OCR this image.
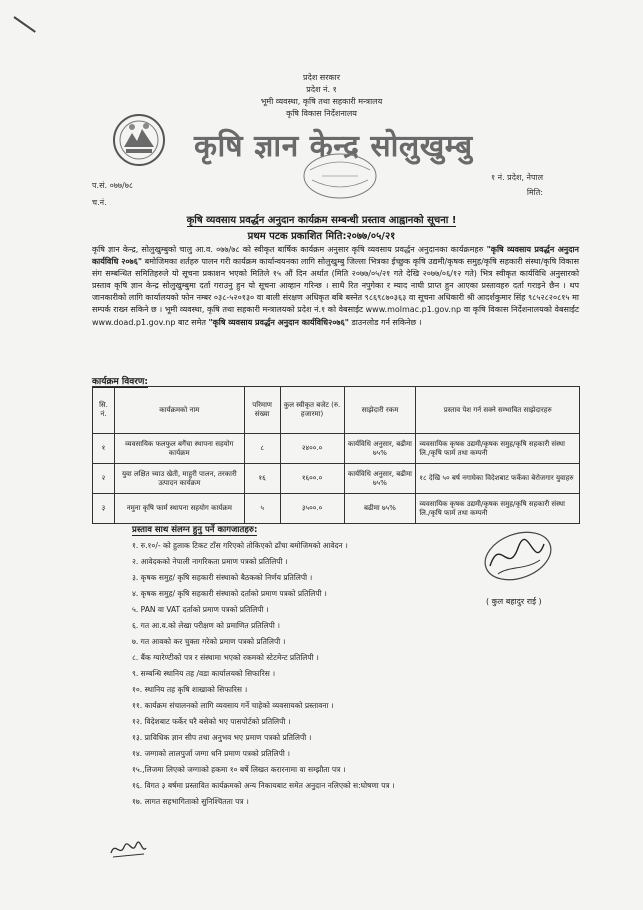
प्रदेश सरकार
प्रदेश नं. १
भूमी व्यवस्था, कृषि तथा सहकारी मन्त्रालय
कृषि विकास निर्देशनालय
कृषि ज्ञान केन्द्र सोलुखुम्बु
प.सं. ०७७/७८
च.नं.
१ नं. प्रदेश, नेपाल
मिति:
कृषि व्यवसाय प्रवर्द्धन अनुदान कार्यक्रम सम्बन्धी प्रस्ताव आह्वानको सूचना !
प्रथम पटक प्रकाशित मिति:२०७७/०५/२१
कृषि ज्ञान केन्द्र, सोलुखुम्बुको चालु आ.व. ०७७/७८ को स्वीकृत बार्षिक कार्यक्रम अनुसार कृषि व्यवसाय प्रवर्द्धन अनुदानका कार्यक्रमहरु "कृषि व्यवसाय प्रवर्द्धन अनुदान कार्यविधि २०७६" बमोजिमका शर्तहरु पालन गरी कार्यक्रम कार्यान्वयनका लागि सोलुखुम्बु जिल्ला भित्रका ईच्छुक कृषि उद्यमी/कृषक समुह/कृषि सहकारी संस्था/कृषि विकास संग सम्बन्धित समितिहरुले यो सूचना प्रकाशन भएको मितिले १५ औं दिन अर्थात (मिति २०७७/०५/२१ गते देखि २०७७/०६/१२ गते) भित्र स्वीकृत कार्यविधि अनुसारको प्रस्ताव कृषि ज्ञान केन्द्र सोलुखुम्बुमा दर्ता गराउनु हुन यो सूचना आव्हान गरिन्छ । साथै रित नपुगेका र म्याद नाघी प्राप्त हुन आएका प्रस्तावहरु दर्ता गराइने छैन । थप जानकारीको लागि कार्यालयको फोन नम्बर ०३८-५२०१३० वा बाली संरक्षण अधिकृत बबि बस्नेत ९८६९८७०३६३ वा सूचना अधिकारी श्री आदर्शकुमार सिंह ९८५२८२०८१५ मा सम्पर्क राख्न सकिने छ । भूमी व्यवस्था, कृषि तथा सहकारी मन्त्रालयको प्रदेश नं.१ को वेबसाईट www.molmac.p1.gov.np वा कृषि विकास निर्देशनालयको वेबसाईट www.doad.p1.gov.np बाट समेत "कृषि व्यवसाय प्रवर्द्धन अनुदान कार्यविधि२०७६" डाउनलोड गर्न सकिनेछ ।
कार्यक्रम विवरण:
सि. नं.	कार्यक्रमको नाम	परिमाण संख्या	कुल स्वीकृत बजेट (रु. हजारमा)	साझेदारी रकम	प्रस्ताव पेश गर्न सक्ने सम्भावित साझेदारहरु
१	व्यवसायिक फलफुल बगैंचा स्थापना सहयोग कार्यक्रम	८	२४००.०	कार्यविधि अनुसार, बढीमा ७५%	व्यवसायिक कृषक उद्यमी/कृषक समुह/कृषि सहकारी संस्था लि./कृषि फार्म तथा कम्पनी
२	युवा लक्षित च्याउ खेती, माहुरी पालन, तरकारी उत्पादन कार्यक्रम	१६	१६००.०	कार्यविधि अनुसार, बढीमा ७५%	१८ देखि ५० बर्ष नगाघेका विदेशबाट फर्केका बेरोजगार युवाहरु
३	नमुना कृषि फार्म स्थापना सहयोग कार्यक्रम	५	३५००.०	बढीमा ७५%	व्यवसायिक कृषक उद्यमी/कृषक समुह/कृषि सहकारी संस्था लि./कृषि फार्म तथा कम्पनी
प्रस्ताव साथ संलग्न हुनु पर्ने कागजातहरु:
१. रु.१०/- को हुलाक टिकट टाँस गरिएको तोकिएको ढाँचा बमोजिमको आवेदन ।
२. आवेदकको नेपाली नागरिकता प्रमाण पत्रको प्रतिलिपी ।
३. कृषक समुह/ कृषि सहकारी संस्थाको बैठकको निर्णय प्रतिलिपी ।
४. कृषक समुह/ कृषि सहकारी संस्थाको दर्ताको प्रमाण पत्रको प्रतिलिपी ।
५. PAN वा VAT दर्ताको प्रमाण पत्रको प्रतिलिपी ।
६. गत आ.व.को लेखा परीक्षण को प्रमाणित प्रतिलिपी ।
७. गत आवको कर चुक्ता गरेको प्रमाण पत्रको प्रतिलिपी ।
८. बैंक ग्यारेण्टीको पत्र र संस्थामा भएको रकमको स्टेटमेन्ट प्रतिलिपी ।
९. सम्बन्धि स्थानिय तह /वडा कार्यालयको सिफारिस ।
१०. स्थानिय तह कृषि शाखाको सिफारिस ।
११. कार्यक्रम संचालनको लागि व्यवसाय गर्ने चाहेको व्यवसायको प्रस्तावना ।
१२. विदेशबाट फर्केर घरै बसेको भए पासपोर्टको प्रतिलिपी ।
१३. प्राविधिक ज्ञान सीप तथा अनुभव भए प्रमाण पत्रको प्रतिलिपी ।
१४. जग्गाको लालपुर्जा जग्गा धनि प्रमाण पत्रको प्रतिलिपी ।
१५.,लिजमा लिएको जग्गाको हकमा १० बर्षे लिखत करारनामा वा सम्झौता पत्र ।
१६. विगत ३ बर्षमा प्रस्तावित कार्यक्रमको अन्य निकायबाट समेत अनुदान नलिएको स:घोषणा पत्र ।
१७. लागत सहभागिताको सुनिश्चितता पत्र ।
( कुल बहादुर राई )
